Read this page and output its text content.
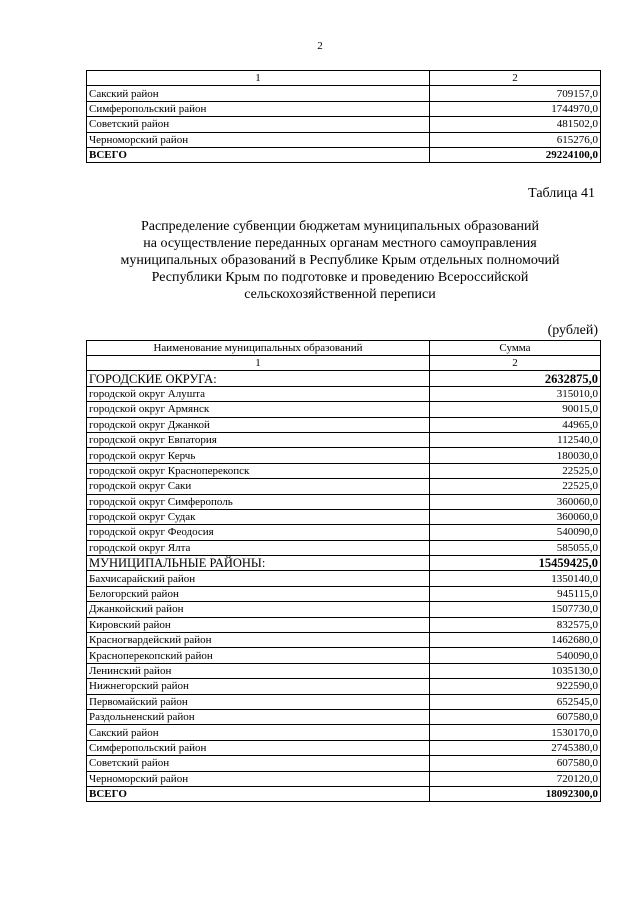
2
1	2
Сакский район	709157,0
Симферопольский район	1744970,0
Советский район	481502,0
Черноморский район	615276,0
ВСЕГО	29224100,0
Таблица 41
Распределение субвенции бюджетам муниципальных образований
на осуществление переданных органам местного самоуправления
муниципальных образований в Республике Крым отдельных полномочий
Республики Крым по подготовке и проведению Всероссийской
сельскохозяйственной переписи
(рублей)
Наименование муниципальных образований	Сумма
1	2
ГОРОДСКИЕ ОКРУГА:	2632875,0
городской округ Алушта	315010,0
городской округ Армянск	90015,0
городской округ Джанкой	44965,0
городской округ Евпатория	112540,0
городской округ Керчь	180030,0
городской округ Красноперекопск	22525,0
городской округ Саки	22525,0
городской округ Симферополь	360060,0
городской округ Судак	360060,0
городской округ Феодосия	540090,0
городской округ Ялта	585055,0
МУНИЦИПАЛЬНЫЕ РАЙОНЫ:	15459425,0
Бахчисарайский район	1350140,0
Белогорский район	945115,0
Джанкойский район	1507730,0
Кировский район	832575,0
Красногвардейский район	1462680,0
Красноперекопский район	540090,0
Ленинский район	1035130,0
Нижнегорский район	922590,0
Первомайский район	652545,0
Раздольненский район	607580,0
Сакский район	1530170,0
Симферопольский район	2745380,0
Советский район	607580,0
Черноморский район	720120,0
ВСЕГО	18092300,0
